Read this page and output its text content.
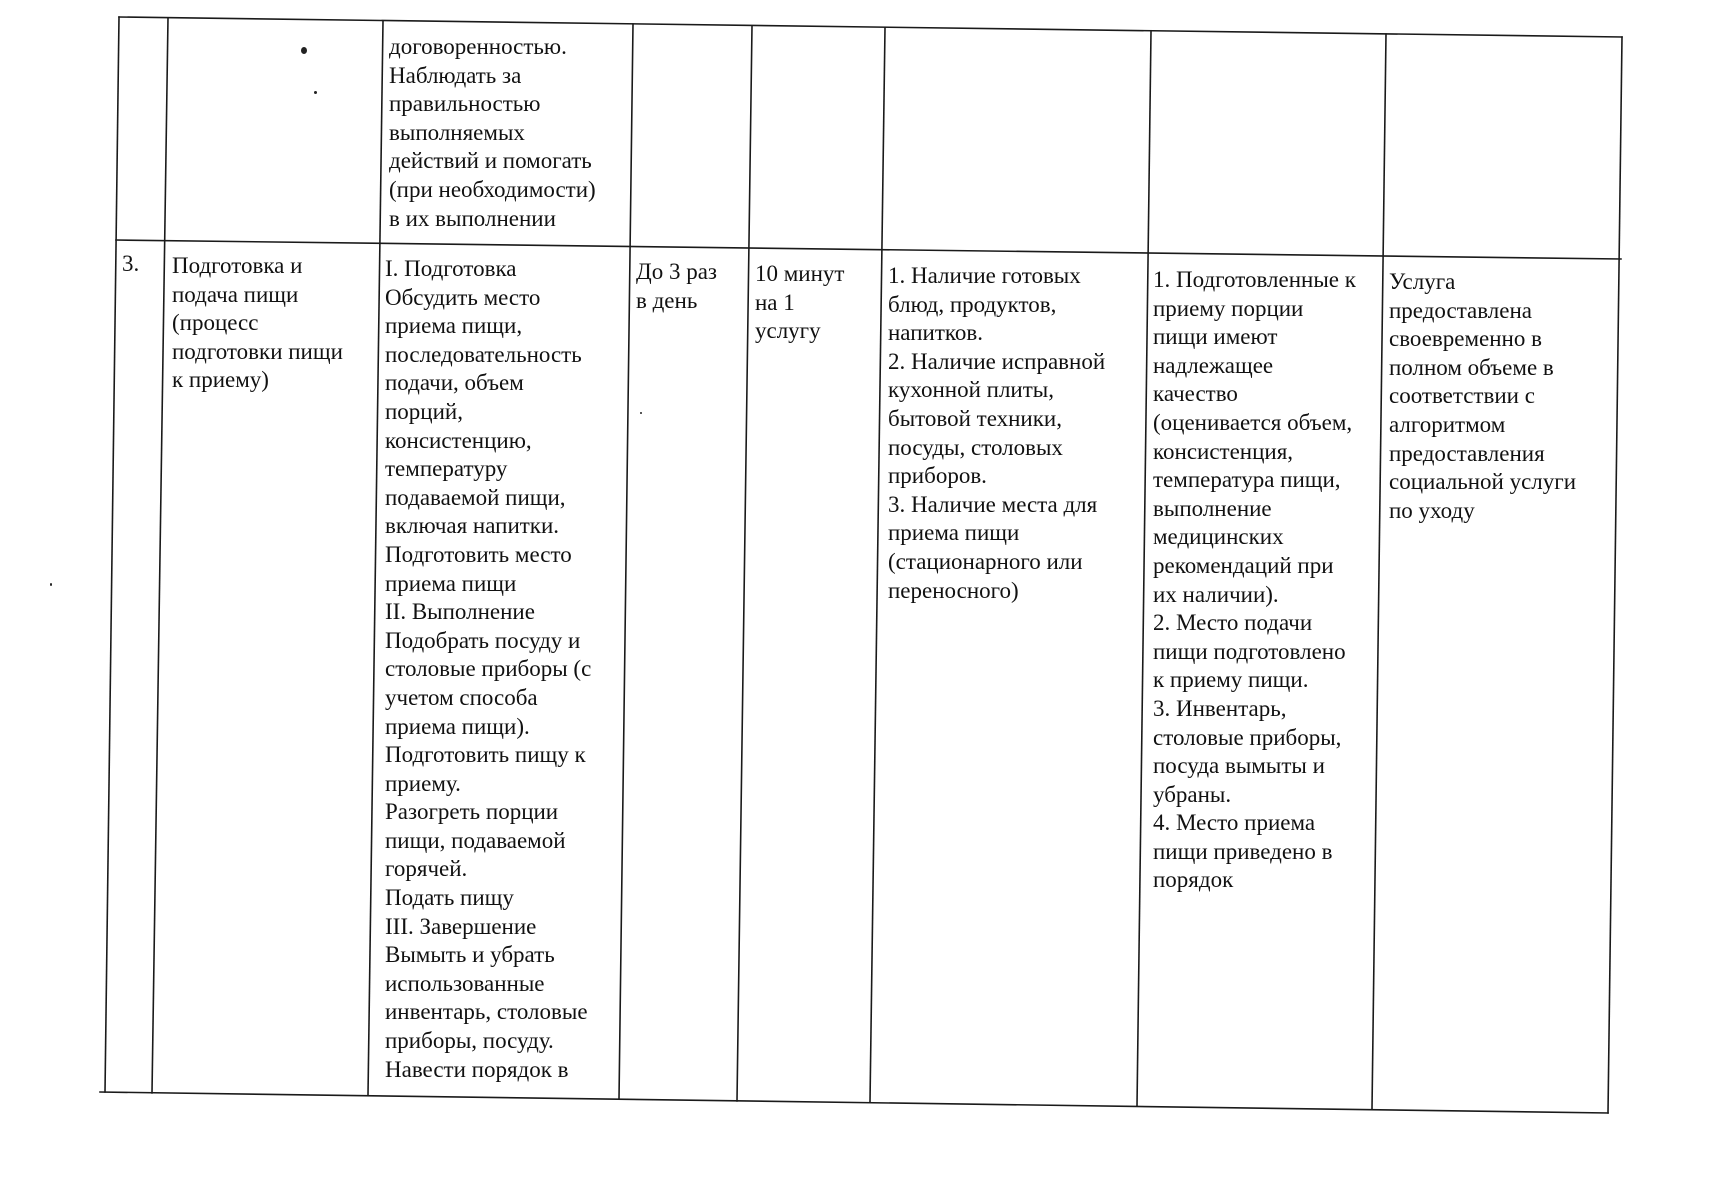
договоренностью.
Наблюдать за
правильностью
выполняемых
действий и помогать
(при необходимости)
в их выполнении
3. Подготовка и
подача пищи
(процесс
подготовки пищи
к приему)
I. Подготовка
Обсудить место
приема пищи,
последовательность
подачи, объем
порций,
консистенцию,
температуру
подаваемой пищи,
включая напитки.
Подготовить место
приема пищи
II. Выполнение
Подобрать посуду и
столовые приборы (с
учетом способа
приема пищи).
Подготовить пищу к
приему.
Разогреть порции
пищи, подаваемой
горячей.
Подать пищу
III. Завершение
Вымыть и убрать
использованные
инвентарь, столовые
приборы, посуду.
Навести порядок в
До 3 раз
в день
10 минут
на 1
услугу
1. Наличие готовых
блюд, продуктов,
напитков.
2. Наличие исправной
кухонной плиты,
бытовой техники,
посуды, столовых
приборов.
3. Наличие места для
приема пищи
(стационарного или
переносного)
1. Подготовленные к
приему порции
пищи имеют
надлежащее
качество
(оценивается объем,
консистенция,
температура пищи,
выполнение
медицинских
рекомендаций при
их наличии).
2. Место подачи
пищи подготовлено
к приему пищи.
3. Инвентарь,
столовые приборы,
посуда вымыты и
убраны.
4. Место приема
пищи приведено в
порядок
Услуга
предоставлена
своевременно в
полном объеме в
соответствии с
алгоритмом
предоставления
социальной услуги
по уходу
